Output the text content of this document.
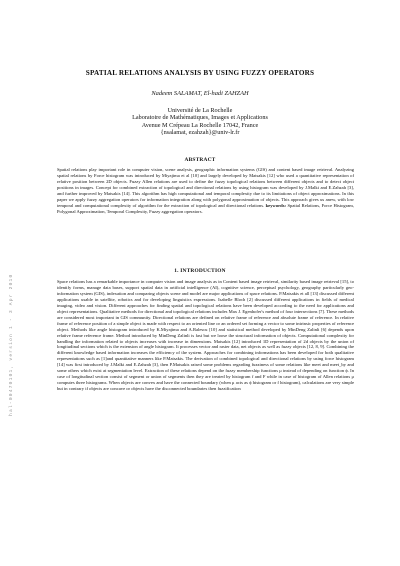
hal-00470101, version 1 - 3 Apr 2010
SPATIAL RELATIONS ANALYSIS BY USING FUZZY OPERATORS
Nadeem SALAMAT, El-hadi ZAHZAH
Université de La Rochelle
Laboratoire de Mathématiques, Images et Applications
Avenue M Crépeau La Rochelle 17042, France
{nsalamat, ezahzah}@univ-lr.fr
ABSTRACT

Spatial relations play important role in computer vision, scene analysis, geographic information systems (GIS) and content based image retrieval. Analyzing spatial relations by Force histogram was introduced by Miyajima et al [10] and largely developed by Matsakis [12] who used a quantitative representation of relative position between 2D objects. Fuzzy Allen relations are used to define the fuzzy topological relations between different objects and to detect object positions in images. Concept for combined extraction of topological and directional relations by using histogram was developed by J.Malki and E.Zahzah [3], and further improved by Matsakis [14]. This algorithm has high computational and temporal complexity due to its limitations of object approximations. In this paper we apply fuzzy aggregation operators for information integration along with polygonal approximation of objects. This approach gives us anew, with low temporal and computational complexity of algorithm for the extraction of topological and directional relations. keywords: Spatial Relations, Force Histogram, Polygonal Approximation, Temporal Complexity, Fuzzy aggregation operators.

1. INTRODUCTION

Space relations has a remarkable importance in computer vision and image analysis as in Content based image retrieval, similarity based image retrieval [15], to identify forms, manage data bases, support spatial data in artificial intelligence (AI), cognitive science, perceptual psychology, geography particularly geo-information system (GIS), indexation and comparing objects scene and model are major applications of space relations. P.Matsakis et all [13] discussed different applications usable in satellite, robotics and for developing linguistics expressions. Isabelle Bloch [2] discussed different applications in fields of medical imaging, video and vision. Different approaches for finding spatial and topological relations have been developed according to the need for applications and object representations. Qualitative methods for directional and topological relations includes Max J. Egenhofer's method of four intersections [7]. These methods are considered most important in GIS community. Directional relations are defined on relative frame of reference and absolute frame of reference. In relative frame of reference position of a simple object is made with respect to an oriented line or an ordered set forming a vector to some intrinsic properties of reference object. Methods like angle histogram introduced by K.Miyajima and A.Ralescu [10] and statistical method developed by MinDeng Zalinli [6] depends upon relative frame reference frame. Method introduced by MinDeng Zalinli is fast but we loose the structural information of objects. Computational complexity for handling the information related to objects increases with increase in dimensions. Matsakis [12] introduced 1D representation of 2d objects by the union of longitudinal sections which is the extension of angle histogram. It processes vector and raster data, net objects as well as fuzzy objects [12, 8, 9]. Combining the different knowledge based information increases the efficiency of the system. Approaches for combining informations has been developed for both qualitative representations such as [1]and quantitative manners like P.Matsakis. The derivation of combined topological and directional relations by using force histogram [14] was first introduced by J.Malki and E.Zahzah [3], then P.Matsakis raised some problems regarding fuzziness of some relations like meet and meet_by and some others which exist at segmentation level. Extraction of these relations depend on the fuzzy membership functions μ instead of depending on function ϕ. In case of longitudinal section consist of segment or union of segments then they are treated by histogram f and F while in case of histogram of Allen relations μ computes three histograms. When objects are convex and have the connected boundary (when μ acts as ϕ histogram or f histogram), calculations are very simple but in contrary if objects are concave or objects have the disconnected boundaries then fuzzification
